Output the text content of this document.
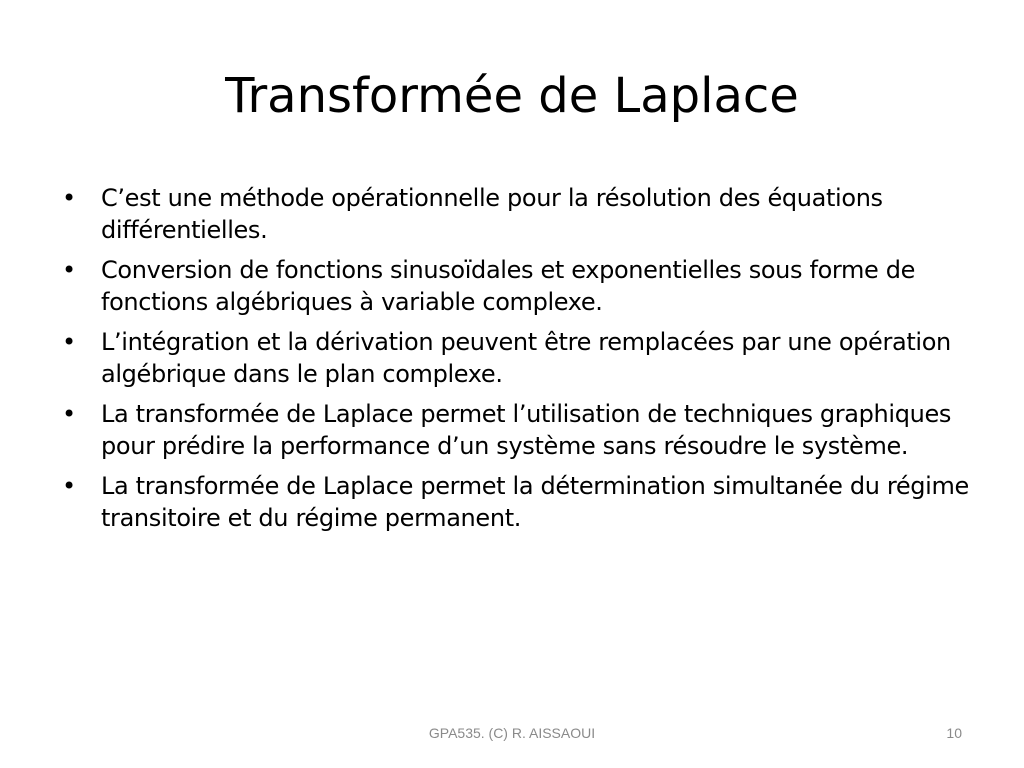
Transformée de Laplace
• C’est une méthode opérationnelle pour la résolution des équations différentielles.
• Conversion de fonctions sinusoïdales et exponentielles sous forme de fonctions algébriques à variable complexe.
• L’intégration et la dérivation peuvent être remplacées par une opération algébrique dans le plan complexe.
• La transformée de Laplace permet l’utilisation de techniques graphiques pour prédire la performance d’un système sans résoudre le système.
• La transformée de Laplace permet la détermination simultanée du régime transitoire et du régime permanent.
GPA535. (C) R. AISSAOUI	10
